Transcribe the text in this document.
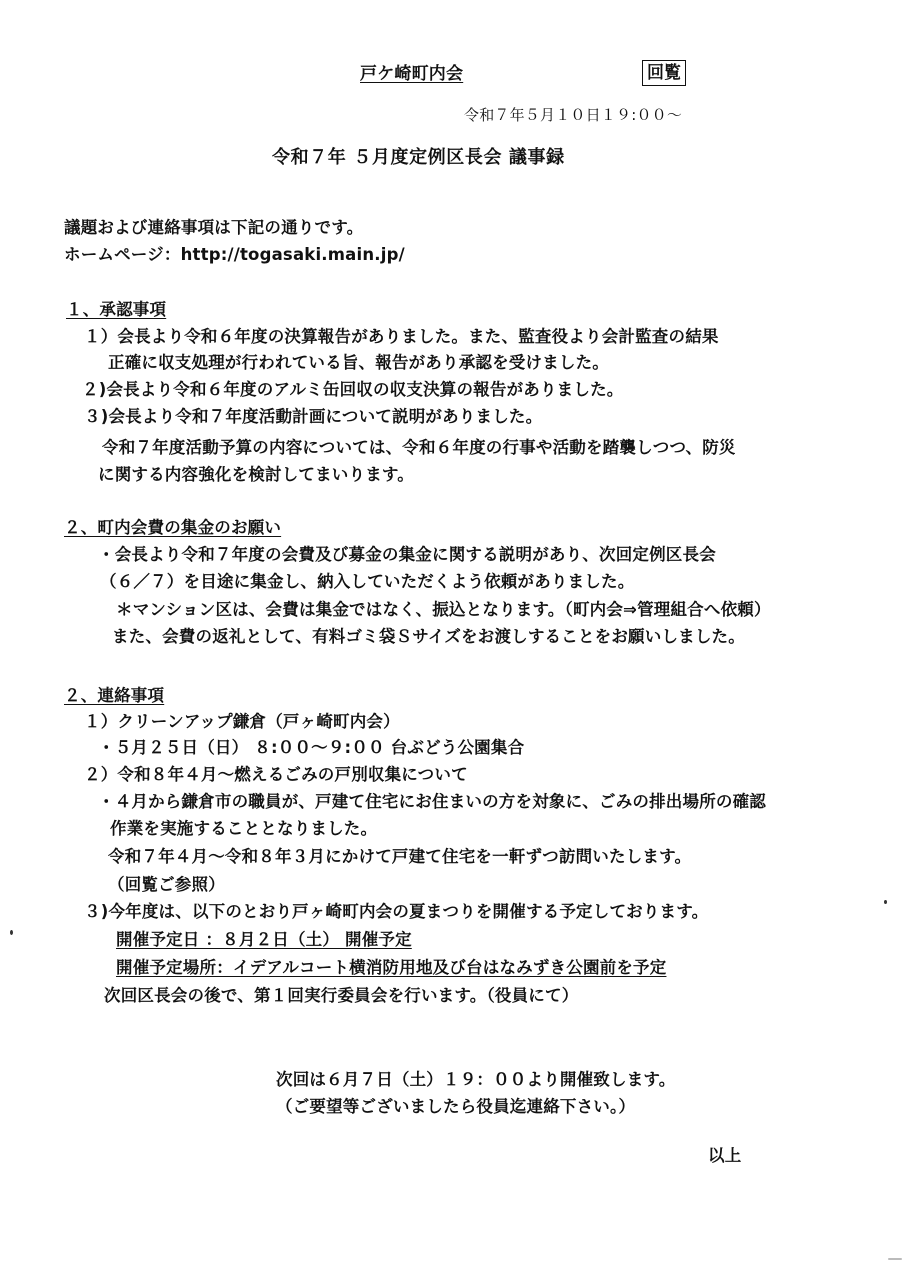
戸ケ崎町内会	回覧
令和７年５月１０日１９:００〜
令和７年 ５月度定例区長会 議事録
議題および連絡事項は下記の通りです。
ホームページ：http://togasaki.main.jp/
１、承認事項
１）会長より令和６年度の決算報告がありました。また、監査役より会計監査の結果
正確に収支処理が行われている旨、報告があり承認を受けました。
２)会長より令和６年度のアルミ缶回収の収支決算の報告がありました。
３)会長より令和７年度活動計画について説明がありました。
令和７年度活動予算の内容については、令和６年度の行事や活動を踏襲しつつ、防災
に関する内容強化を検討してまいります。
２、町内会費の集金のお願い
・会長より令和７年度の会費及び募金の集金に関する説明があり、次回定例区長会
（６／７）を目途に集金し、納入していただくよう依頼がありました。
＊マンション区は、会費は集金ではなく、振込となります。（町内会⇒管理組合へ依頼）
また、会費の返礼として、有料ゴミ袋Ｓサイズをお渡しすることをお願いしました。
２、連絡事項
１）クリーンアップ鎌倉（戸ヶ崎町内会）
・５月２５日（日） ８:００〜９:００ 台ぶどう公園集合
２）令和８年４月〜燃えるごみの戸別収集について
・４月から鎌倉市の職員が、戸建て住宅にお住まいの方を対象に、ごみの排出場所の確認
作業を実施することとなりました。
令和７年４月〜令和８年３月にかけて戸建て住宅を一軒ずつ訪問いたします。
（回覧ご参照）
３)今年度は、以下のとおり戸ヶ崎町内会の夏まつりを開催する予定しております。
開催予定日 ：８月２日（土） 開催予定
開催予定場所：イデアルコート横消防用地及び台はなみずき公園前を予定
次回区長会の後で、第１回実行委員会を行います。（役員にて）
次回は６月７日（土）１９：００より開催致します。
（ご要望等ございましたら役員迄連絡下さい。）
以上
